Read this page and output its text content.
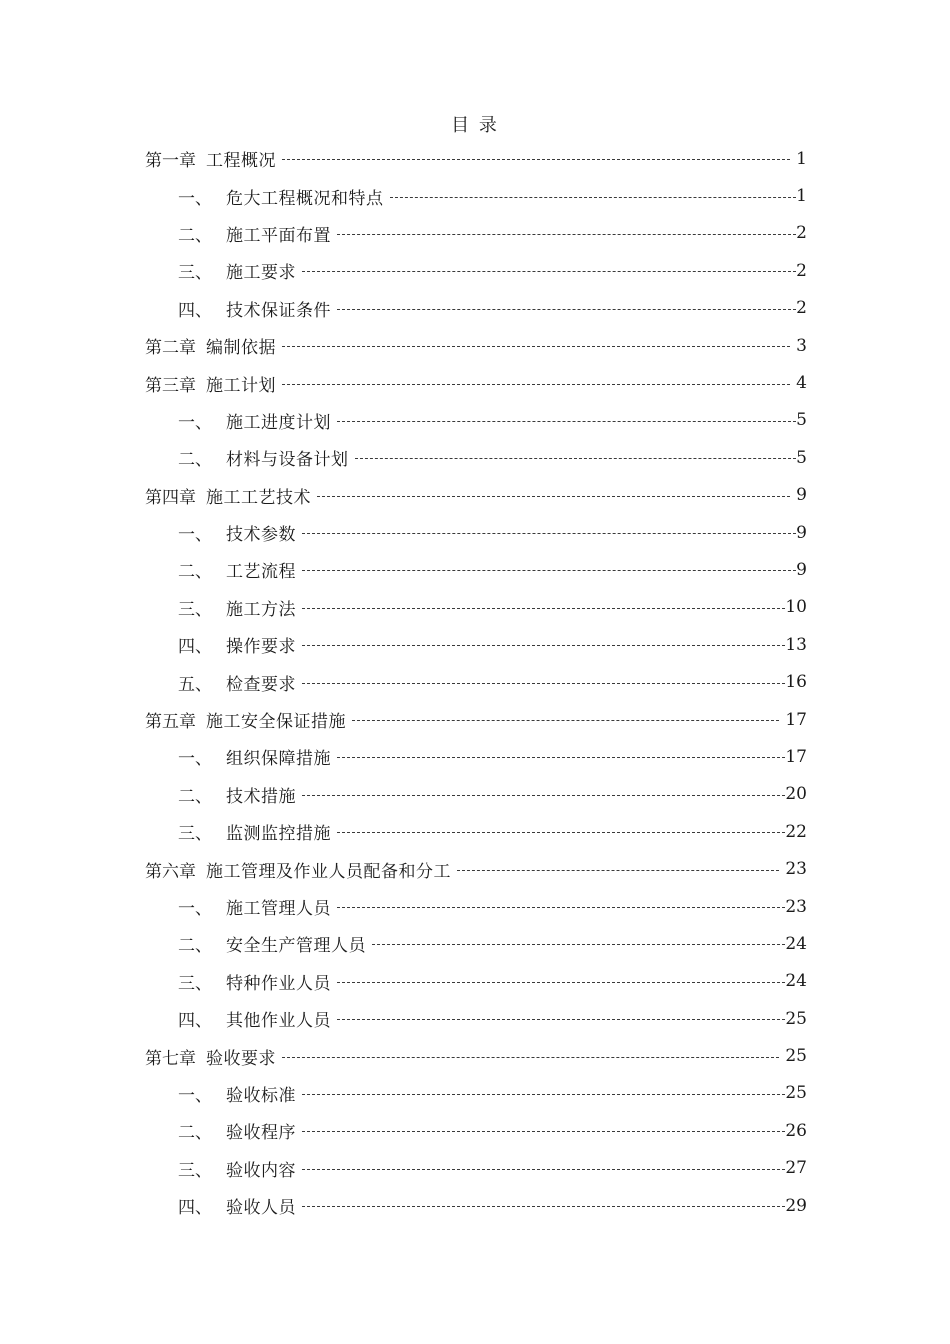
目 录
第一章 工程概况	1
一、 危大工程概况和特点	1
二、 施工平面布置	2
三、 施工要求	2
四、 技术保证条件	2
第二章 编制依据	3
第三章 施工计划	4
一、 施工进度计划	5
二、 材料与设备计划	5
第四章 施工工艺技术	9
一、 技术参数	9
二、 工艺流程	9
三、 施工方法	10
四、 操作要求	13
五、 检查要求	16
第五章 施工安全保证措施	17
一、 组织保障措施	17
二、 技术措施	20
三、 监测监控措施	22
第六章 施工管理及作业人员配备和分工	23
一、 施工管理人员	23
二、 安全生产管理人员	24
三、 特种作业人员	24
四、 其他作业人员	25
第七章 验收要求	25
一、 验收标准	25
二、 验收程序	26
三、 验收内容	27
四、 验收人员	29
